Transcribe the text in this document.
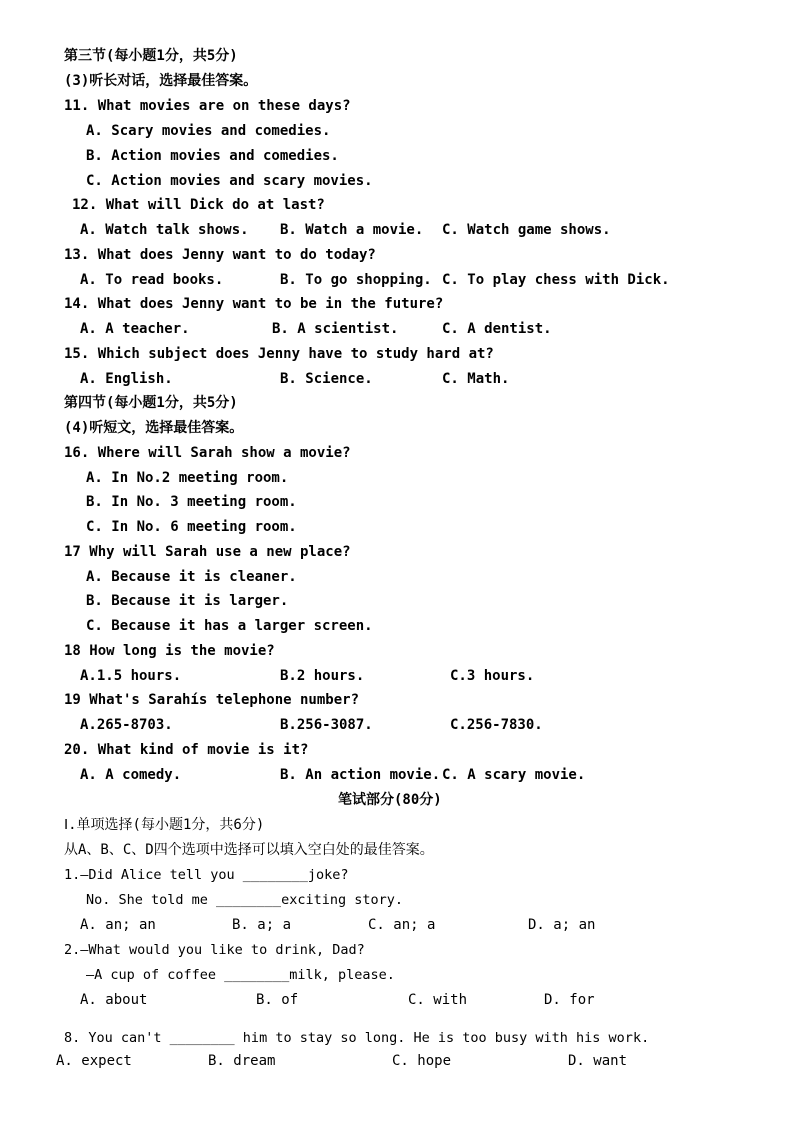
第三节(每小题1分，共5分)
(3)听长对话，选择最佳答案。
11. What movies are on these days?
A. Scary movies and comedies.
B. Action movies and comedies.
C. Action movies and scary movies.
12. What will Dick do at last?
A. Watch talk shows. B. Watch a movie. C. Watch game shows.
13. What does Jenny want to do today?
A. To read books.	B. To go shopping. C. To play chess with Dick.
14. What does Jenny want to be in the future?
A. A teacher.	B. A scientist.	C. A dentist.
15. Which subject does Jenny have to study hard at?
A. English.	B. Science.	C. Math.
第四节(每小题1分，共5分)
(4)听短文，选择最佳答案。
16. Where will Sarah show a movie?
A. In No.2 meeting room.
B. In No. 3 meeting room.
C. In No. 6 meeting room.
17 Why will Sarah use a new place?
A. Because it is cleaner.
B. Because it is larger.
C. Because it has a larger screen.
18 How long is the movie?
A.1.5 hours.	B.2 hours.	C.3 hours.
19 What's Sarahís telephone number?
A.265-8703.	B.256-3087.	C.256-7830.
20. What kind of movie is it?
A. A comedy.	B. An action movie. C. A scary movie.
笔试部分(80分)
Ⅰ.单项选择(每小题1分，共6分)
从A、B、C、D四个选项中选择可以填入空白处的最佳答案。
1.—Did Alice tell you ________joke?
No. She told me ________exciting story.
A. an; an	B. a; a	C. an; a	D. a; an
2.—What would you like to drink, Dad?
—A cup of coffee ________milk, please.
A. about	B. of	C. with	D. for
8. You can't ________ him to stay so long. He is too busy with his work.
A. expect	B. dream	C. hope	D. want
